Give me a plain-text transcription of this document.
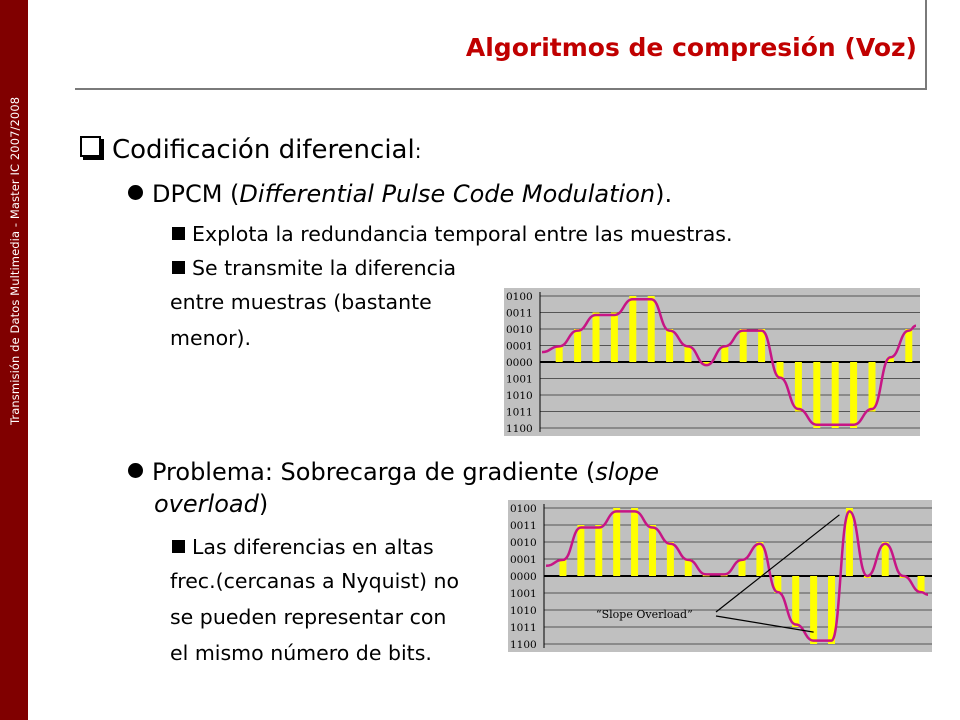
Transmisión de Datos Multimedia - Master IC 2007/2008
Algoritmos de compresión (Voz)
Codificación diferencial:
DPCM (Differential Pulse Code Modulation).
Explota la redundancia temporal entre las muestras.
Se transmite la diferencia
entre muestras (bastante
menor).
0100
0011
0010
0001
0000
1001
1010
1011
1100
Problema: Sobrecarga de gradiente (slope
overload)
Las diferencias en altas
frec.(cercanas a Nyquist) no
se pueden representar con
el mismo número de bits.
0100
0011
0010
0001
0000
1001
1010
1011
1100
“Slope Overload”
